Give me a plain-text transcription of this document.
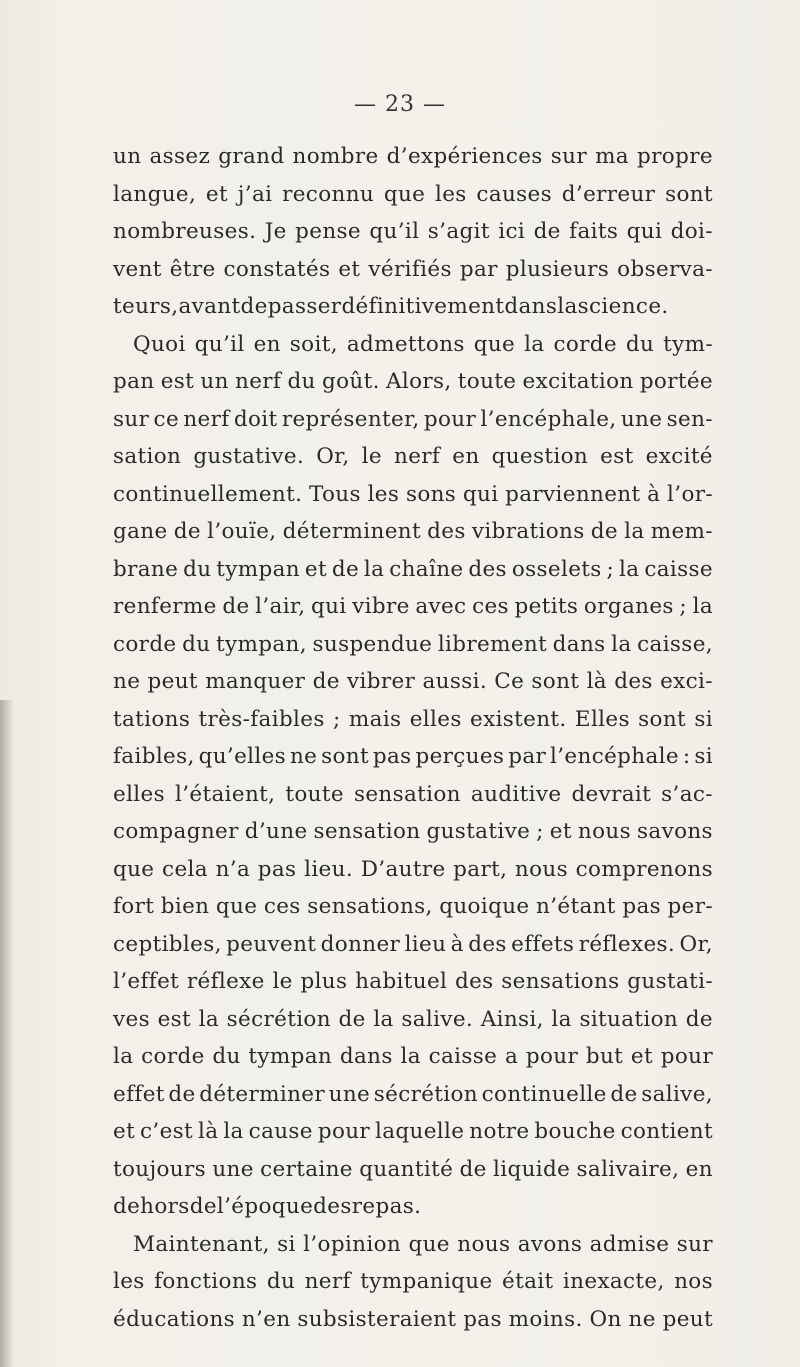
— 23 —
un assez grand nombre d’expériences sur ma propre
langue, et j’ai reconnu que les causes d’erreur sont
nombreuses. Je pense qu’il s’agit ici de faits qui doi-
vent être constatés et vérifiés par plusieurs observa-
teurs, avant de passer définitivement dans la science.
Quoi qu’il en soit, admettons que la corde du tym-
pan est un nerf du goût. Alors, toute excitation portée
sur ce nerf doit représenter, pour l’encéphale, une sen-
sation gustative. Or, le nerf en question est excité
continuellement. Tous les sons qui parviennent à l’or-
gane de l’ouïe, déterminent des vibrations de la mem-
brane du tympan et de la chaîne des osselets ; la caisse
renferme de l’air, qui vibre avec ces petits organes ; la
corde du tympan, suspendue librement dans la caisse,
ne peut manquer de vibrer aussi. Ce sont là des exci-
tations très-faibles ; mais elles existent. Elles sont si
faibles, qu’elles ne sont pas perçues par l’encéphale : si
elles l’étaient, toute sensation auditive devrait s’ac-
compagner d’une sensation gustative ; et nous savons
que cela n’a pas lieu. D’autre part, nous comprenons
fort bien que ces sensations, quoique n’étant pas per-
ceptibles, peuvent donner lieu à des effets réflexes. Or,
l’effet réflexe le plus habituel des sensations gustati-
ves est la sécrétion de la salive. Ainsi, la situation de
la corde du tympan dans la caisse a pour but et pour
effet de déterminer une sécrétion continuelle de salive,
et c’est là la cause pour laquelle notre bouche contient
toujours une certaine quantité de liquide salivaire, en
dehors de l’époque des repas.
Maintenant, si l’opinion que nous avons admise sur
les fonctions du nerf tympanique était inexacte, nos
éducations n’en subsisteraient pas moins. On ne peut
